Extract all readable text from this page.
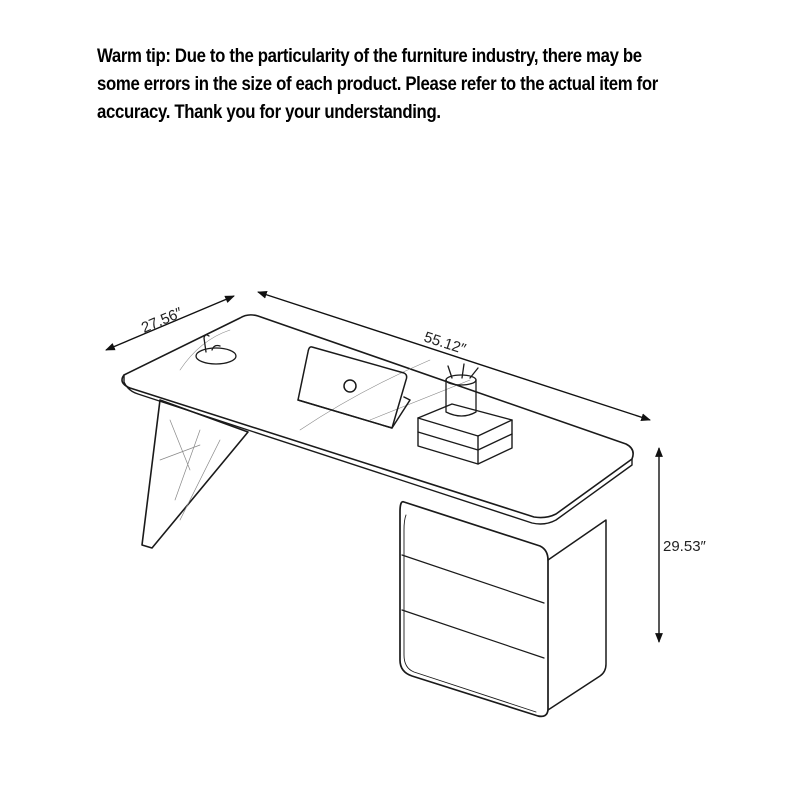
Warm tip: Due to the particularity of the furniture industry, there may be
some errors in the size of each product. Please refer to the actual item for
accuracy. Thank you for your understanding.
27.56″
55.12″
29.53″
